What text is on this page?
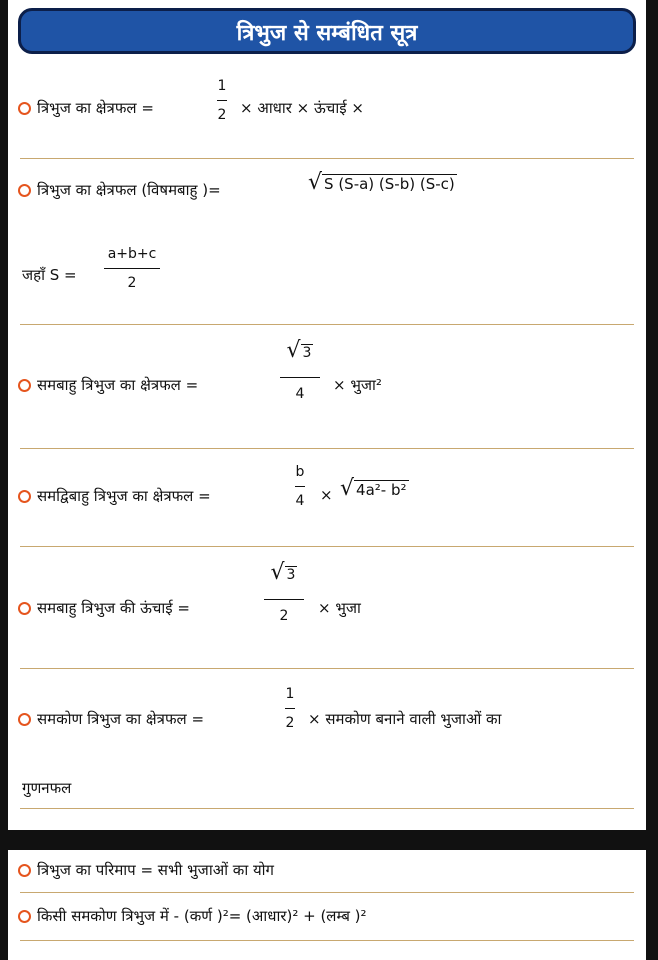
त्रिभुज से सम्बंधित सूत्र
त्रिभुज का क्षेत्रफल =
1
2 × आधार × ऊंचाई ×
त्रिभुज का क्षेत्रफल (विषमबाहु )=	√ S (S-a) (S-b) (S-c)
जहाँ S =
a+b+c
2
समबाहु त्रिभुज का क्षेत्रफल =
√ 3
4	× भुजा²
समद्विबाहु त्रिभुज का क्षेत्रफल =
b
4	× √ 4a²- b²
समबाहु त्रिभुज की ऊंचाई =
√ 3
2	× भुजा
समकोण त्रिभुज का क्षेत्रफल =
1
2 × समकोण बनाने वाली भुजाओं का
गुणनफल
त्रिभुज का परिमाप = सभी भुजाओं का योग
किसी समकोण त्रिभुज में - (कर्ण )²= (आधार)² + (लम्ब )²
